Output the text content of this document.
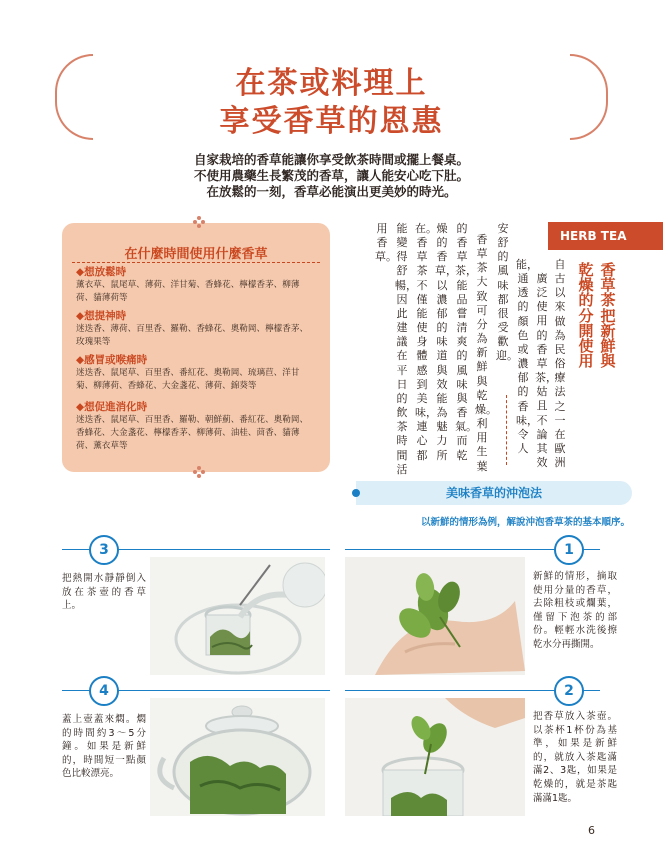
在茶或料理上
享受香草的恩惠
自家栽培的香草能讓你享受飲茶時間或擺上餐桌。
不使用農藥生長繁茂的香草，讓人能安心吃下肚。
在放鬆的一刻，香草必能演出更美妙的時光。
在什麼時間使用什麼香草
◆想放鬆時
薰衣草、鼠尾草、薄荷、洋甘菊、香蜂花、檸檬香茅、柳薄荷、貓薄荷等
◆想提神時
迷迭香、薄荷、百里香、羅勒、香蜂花、奧勒岡、檸檬香茅、玫瑰果等
◆感冒或喉痛時
迷迭香、鼠尾草、百里香、番紅花、奧勒岡、琉璃苣、洋甘菊、柳薄荷、香蜂花、大金盞花、薄荷、錦葵等
◆想促進消化時
迷迭香、鼠尾草、百里香、羅勒、朝鮮薊、番紅花、奧勒岡、香蜂花、大金盞花、檸檬香茅、柳薄荷、油桂、茴香、貓薄荷、薰衣草等
HERB TEA
香草茶把新鮮與
乾燥的分開使用
自古以來做為民俗療法之一在歐洲
廣泛使用的香草茶，姑且不論其效
能，通透的顏色或濃郁的香味，令人
安舒的風味都很受歡迎。
香草茶大致可分為新鮮與乾燥。利用生葉
的香草茶，能品嘗清爽的風味與香氣。而乾
燥的香草，以濃郁的味道與效能為魅力所
在。香草茶不僅能使身體感到美味，連心都
能變得舒暢，因此建議在平日的飲茶時間活
用香草。
美味香草的沖泡法
以新鮮的情形為例，解說沖泡香草茶的基本順序。
3	1
4	2
把熱開水靜靜倒入放在茶壺的香草上。
新鮮的情形，摘取使用分量的香草，去除粗枝或爛葉，僅留下泡茶的部份。輕輕水洗後擦乾水分再撕開。
蓋上壺蓋來燜。燜的時間約3～5分鐘。如果是新鮮的，時間短一點顏色比較漂亮。
把香草放入茶壺。以茶杯1杯份為基準，如果是新鮮的，就放入茶匙滿滿2、3匙，如果是乾燥的，就是茶匙滿滿1匙。
6
